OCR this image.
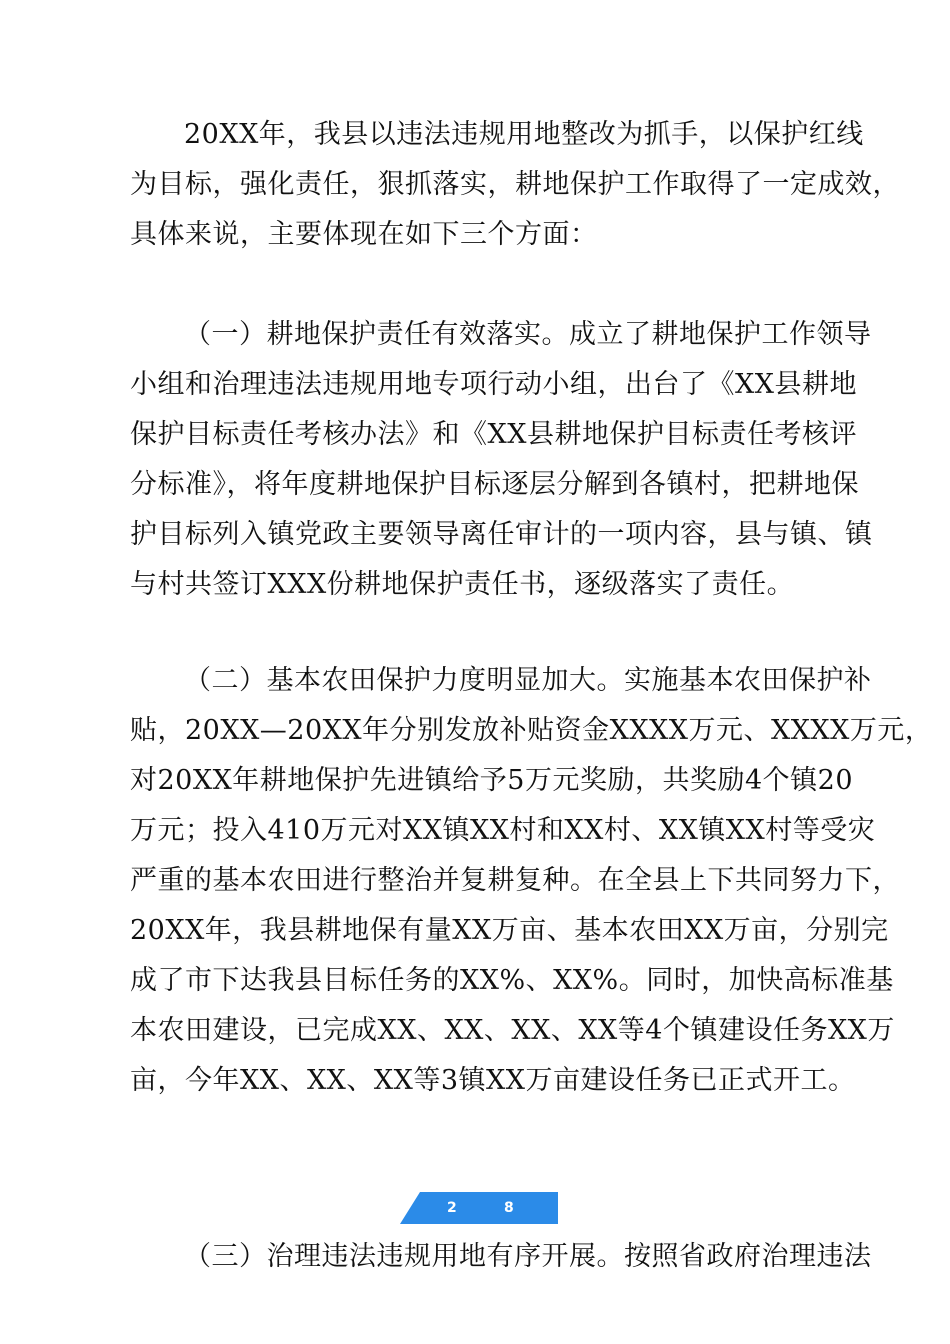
20XX年，我县以违法违规用地整改为抓手，以保护红线
为目标，强化责任，狠抓落实，耕地保护工作取得了一定成效，
具体来说，主要体现在如下三个方面：
（一）耕地保护责任有效落实。成立了耕地保护工作领导
小组和治理违法违规用地专项行动小组，出台了《XX县耕地
保护目标责任考核办法》和《XX县耕地保护目标责任考核评
分标准》，将年度耕地保护目标逐层分解到各镇村，把耕地保
护目标列入镇党政主要领导离任审计的一项内容，县与镇、镇
与村共签订XXX份耕地保护责任书，逐级落实了责任。
（二）基本农田保护力度明显加大。实施基本农田保护补
贴，20XX—20XX年分别发放补贴资金XXXX万元、XXXX万元，
对20XX年耕地保护先进镇给予5万元奖励，共奖励4个镇20
万元；投入410万元对XX镇XX村和XX村、XX镇XX村等受灾
严重的基本农田进行整治并复耕复种。在全县上下共同努力下，
20XX年，我县耕地保有量XX万亩、基本农田XX万亩，分别完
成了市下达我县目标任务的XX%、XX%。同时，加快高标准基
本农田建设，已完成XX、XX、XX、XX等4个镇建设任务XX万
亩，今年XX、XX、XX等3镇XX万亩建设任务已正式开工。
2	8
（三）治理违法违规用地有序开展。按照省政府治理违法
